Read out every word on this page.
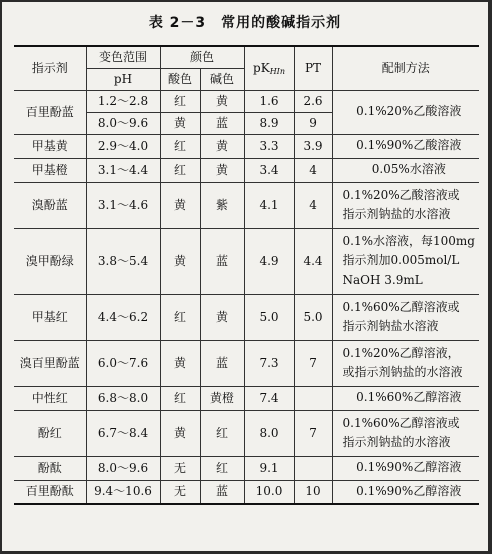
表 2－3　常用的酸碱指示剂
指示剂	变色范围	颜色		$pK_{HIn}$	PT	配制方法
	pH	酸色	碱色			
百里酚蓝	1.2～2.8	红	黄	1.6	2.6	0.1%20%乙酸溶液
	8.0～9.6	黄	蓝	8.9	9	
甲基黄	2.9～4.0	红	黄	3.3	3.9	0.1%90%乙酸溶液
甲基橙	3.1～4.4	红	黄	3.4	4	0.05%水溶液
溴酚蓝	3.1～4.6	黄	紫	4.1	4	0.1%20%乙酸溶液或
指示剂钠盐的水溶液

溴甲酚绿	3.8～5.4	黄	蓝	4.9	4.4	0.1%水溶液，每100mg
指示剂加0.005mol/L
NaOH 3.9mL

甲基红	4.4～6.2	红	黄	5.0	5.0	0.1%60%乙醇溶液或
指示剂钠盐水溶液

溴百里酚蓝	6.0～7.6	黄	蓝	7.3	7	0.1%20%乙醇溶液，
或指示剂钠盐的水溶液

中性红	6.8～8.0	红	黄橙	7.4		0.1%60%乙醇溶液
酚红	6.7～8.4	黄	红	8.0	7	0.1%60%乙醇溶液或
指示剂钠盐的水溶液

酚酞	8.0～9.6	无	红	9.1		0.1%90%乙醇溶液
百里酚酞	9.4～10.6	无	蓝	10.0	10	0.1%90%乙醇溶液
